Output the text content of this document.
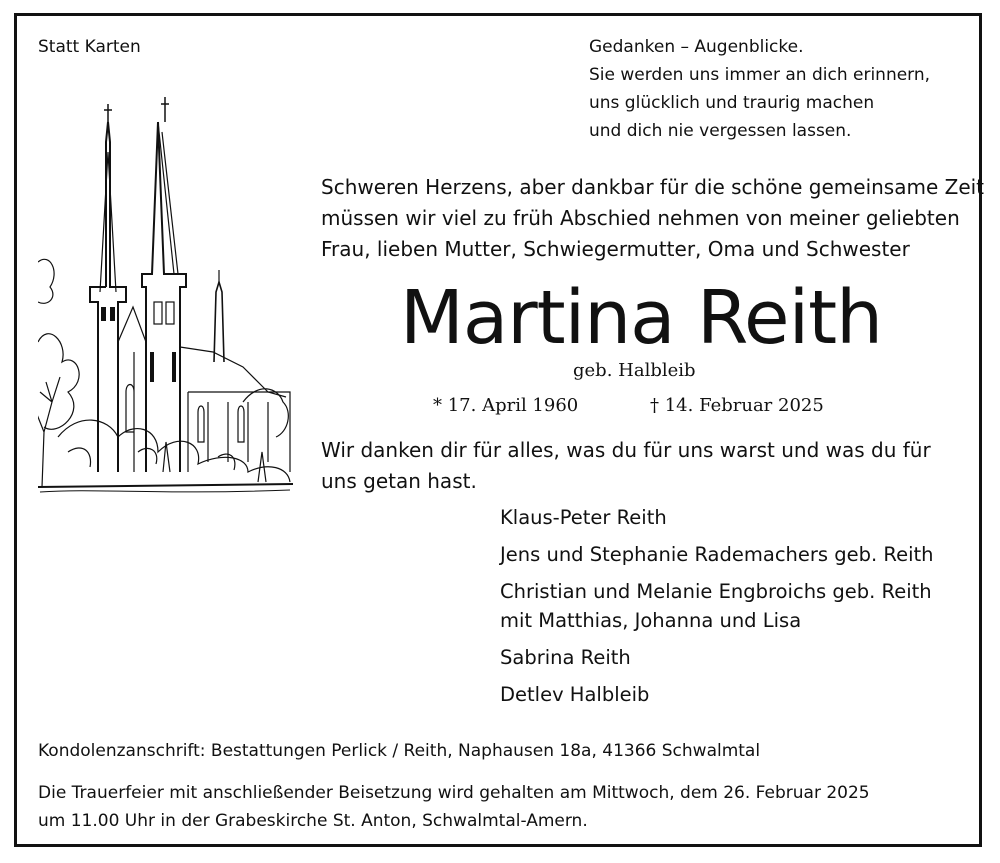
Statt Karten	Gedanken – Augenblicke.
Sie werden uns immer an dich erinnern,
uns glücklich und traurig machen
und dich nie vergessen lassen.
Schweren Herzens, aber dankbar für die schöne gemeinsame Zeit
müssen wir viel zu früh Abschied nehmen von meiner geliebten
Frau, lieben Mutter, Schwiegermutter, Oma und Schwester
Martina Reith
geb. Halbleib
* 17. April 1960	† 14. Februar 2025
Wir danken dir für alles, was du für uns warst und was du für
uns getan hast.
Klaus-Peter Reith
Jens und Stephanie Rademachers geb. Reith
Christian und Melanie Engbroichs geb. Reith
mit Matthias, Johanna und Lisa
Sabrina Reith
Detlev Halbleib
Kondolenzanschrift: Bestattungen Perlick / Reith, Naphausen 18a, 41366 Schwalmtal
Die Trauerfeier mit anschließender Beisetzung wird gehalten am Mittwoch, dem 26. Februar 2025
um 11.00 Uhr in der Grabeskirche St. Anton, Schwalmtal-Amern.
